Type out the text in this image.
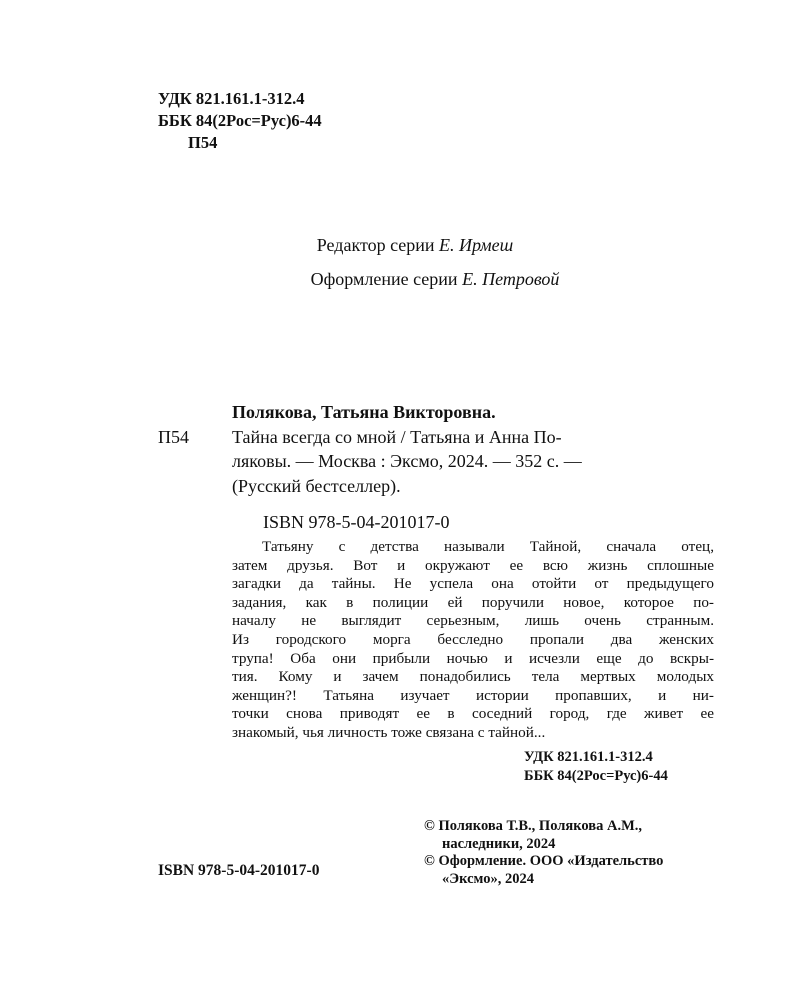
УДК 821.161.1-312.4
ББК 84(2Рос=Рус)6-44
П54
Редактор серии Е. Ирмеш
Оформление серии Е. Петровой
Полякова, Татьяна Викторовна.
П54	Тайна всегда со мной / Татьяна и Анна По-
ляковы. — Москва : Эксмо, 2024. — 352 с. —
(Русский бестселлер).
ISBN 978-5-04-201017-0
Татьяну с детства называли Тайной, сначала отец,
затем друзья. Вот и окружают ее всю жизнь сплошные
загадки да тайны. Не успела она отойти от предыдущего
задания, как в полиции ей поручили новое, которое по-
началу не выглядит серьезным, лишь очень странным.
Из городского морга бесследно пропали два женских
трупа! Оба они прибыли ночью и исчезли еще до вскры-
тия. Кому и зачем понадобились тела мертвых молодых
женщин?! Татьяна изучает истории пропавших, и ни-
точки снова приводят ее в соседний город, где живет ее
знакомый, чья личность тоже связана с тайной...
УДК 821.161.1-312.4
ББК 84(2Рос=Рус)6-44
© Полякова Т.В., Полякова А.М.,
наследники, 2024
© Оформление. ООО «Издательство
«Эксмо», 2024
ISBN 978-5-04-201017-0
